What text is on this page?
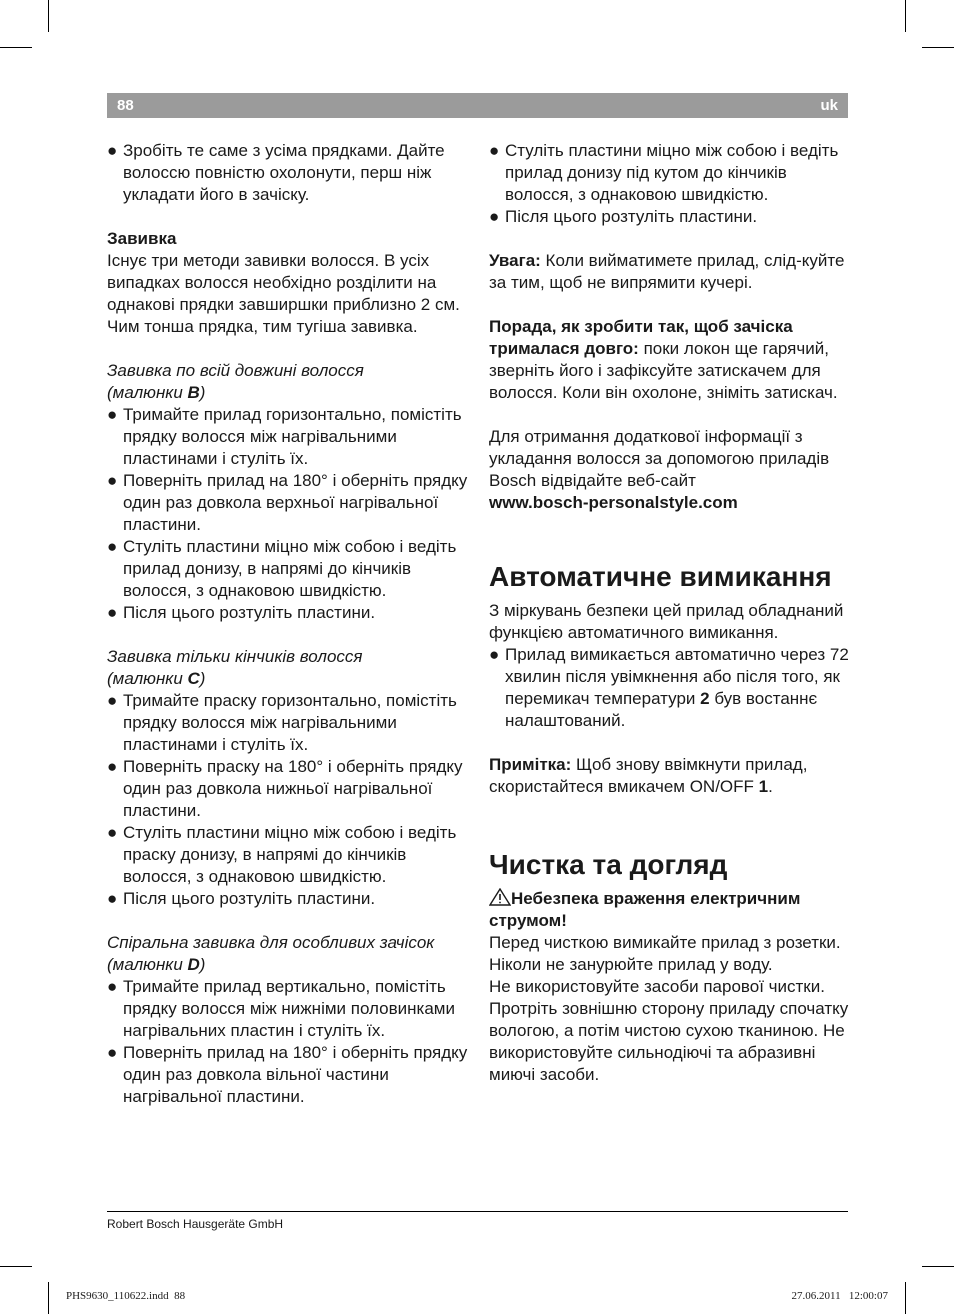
88	uk
● Зробіть те саме з усіма прядками. Дайте волоссю повністю охолонути, перш ніж укладати його в зачіску.

Завивка

Існує три методи завивки волосся. В усіх випадках волосся необхідно розділити на однакові прядки завширшки приблизно 2 см. Чим тонша прядка, тим тугіша завивка.

Завивка по всій довжині волосся

(малюнки B)

● Тримайте прилад горизонтально, помістіть прядку волосся між нагрівальними пластинами і стуліть їх.
● Поверніть прилад на 180° і оберніть прядку один раз довкола верхньої нагрівальної пластини.
● Стуліть пластини міцно між собою і ведіть прилад донизу, в напрямі до кінчиків волосся, з однаковою швидкістю.
● Після цього розтуліть пластини.

Завивка тільки кінчиків волосся

(малюнки C)

● Тримайте праску горизонтально, помістіть прядку волосся між нагрівальними пластинами і стуліть їх.
● Поверніть праску на 180° і оберніть прядку один раз довкола нижньої нагрівальної пластини.
● Стуліть пластини міцно між собою і ведіть праску донизу, в напрямі до кінчиків волосся, з однаковою швидкістю.
● Після цього розтуліть пластини.

Спіральна завивка для особливих зачісок

(малюнки D)

● Тримайте прилад вертикально, помістіть прядку волосся між нижніми половинками нагрівальних пластин і стуліть їх.
● Поверніть прилад на 180° і оберніть прядку один раз довкола вільної частини нагрівальної пластини.
● Стуліть пластини міцно між собою і ведіть прилад донизу під кутом до кінчиків волосся, з однаковою швидкістю.
● Після цього розтуліть пластини.

Увага: Коли вийматимете прилад, слід-куйте за тим, щоб не випрямити кучері.

Порада, як зробити так, щоб зачіска трималася довго: поки локон ще гарячий, зверніть його і зафіксуйте затискачем для волосся. Коли він охолоне, зніміть затискач.

Для отримання додаткової інформації з укладання волосся за допомогою приладів Bosch відвідайте веб-сайт

www.bosch-personalstyle.com

Автоматичне вимикання

З міркувань безпеки цей прилад обладнаний функцією автоматичного вимикання.

● Прилад вимикається автоматично через 72 хвилин після увімкнення або після того, як перемикач температури 2 був востаннє налаштований.

Примітка: Щоб знову ввімкнути прилад, скористайтеся вмикачем ON/OFF 1.

Чистка та догляд

Небезпека враження електричним струмом!

Перед чисткою вимикайте прилад з розетки.

Ніколи не занурюйте прилад у воду.

Не використовуйте засоби парової чистки.

Протріть зовнішню сторону приладу спочатку вологою, а потім чистою сухою тканиною. Не використовуйте сильнодіючі та абразивні миючі засоби.

Robert Bosch Hausgeräte GmbH
PHS9630_110622.indd 88	27.06.2011 12:00:07
